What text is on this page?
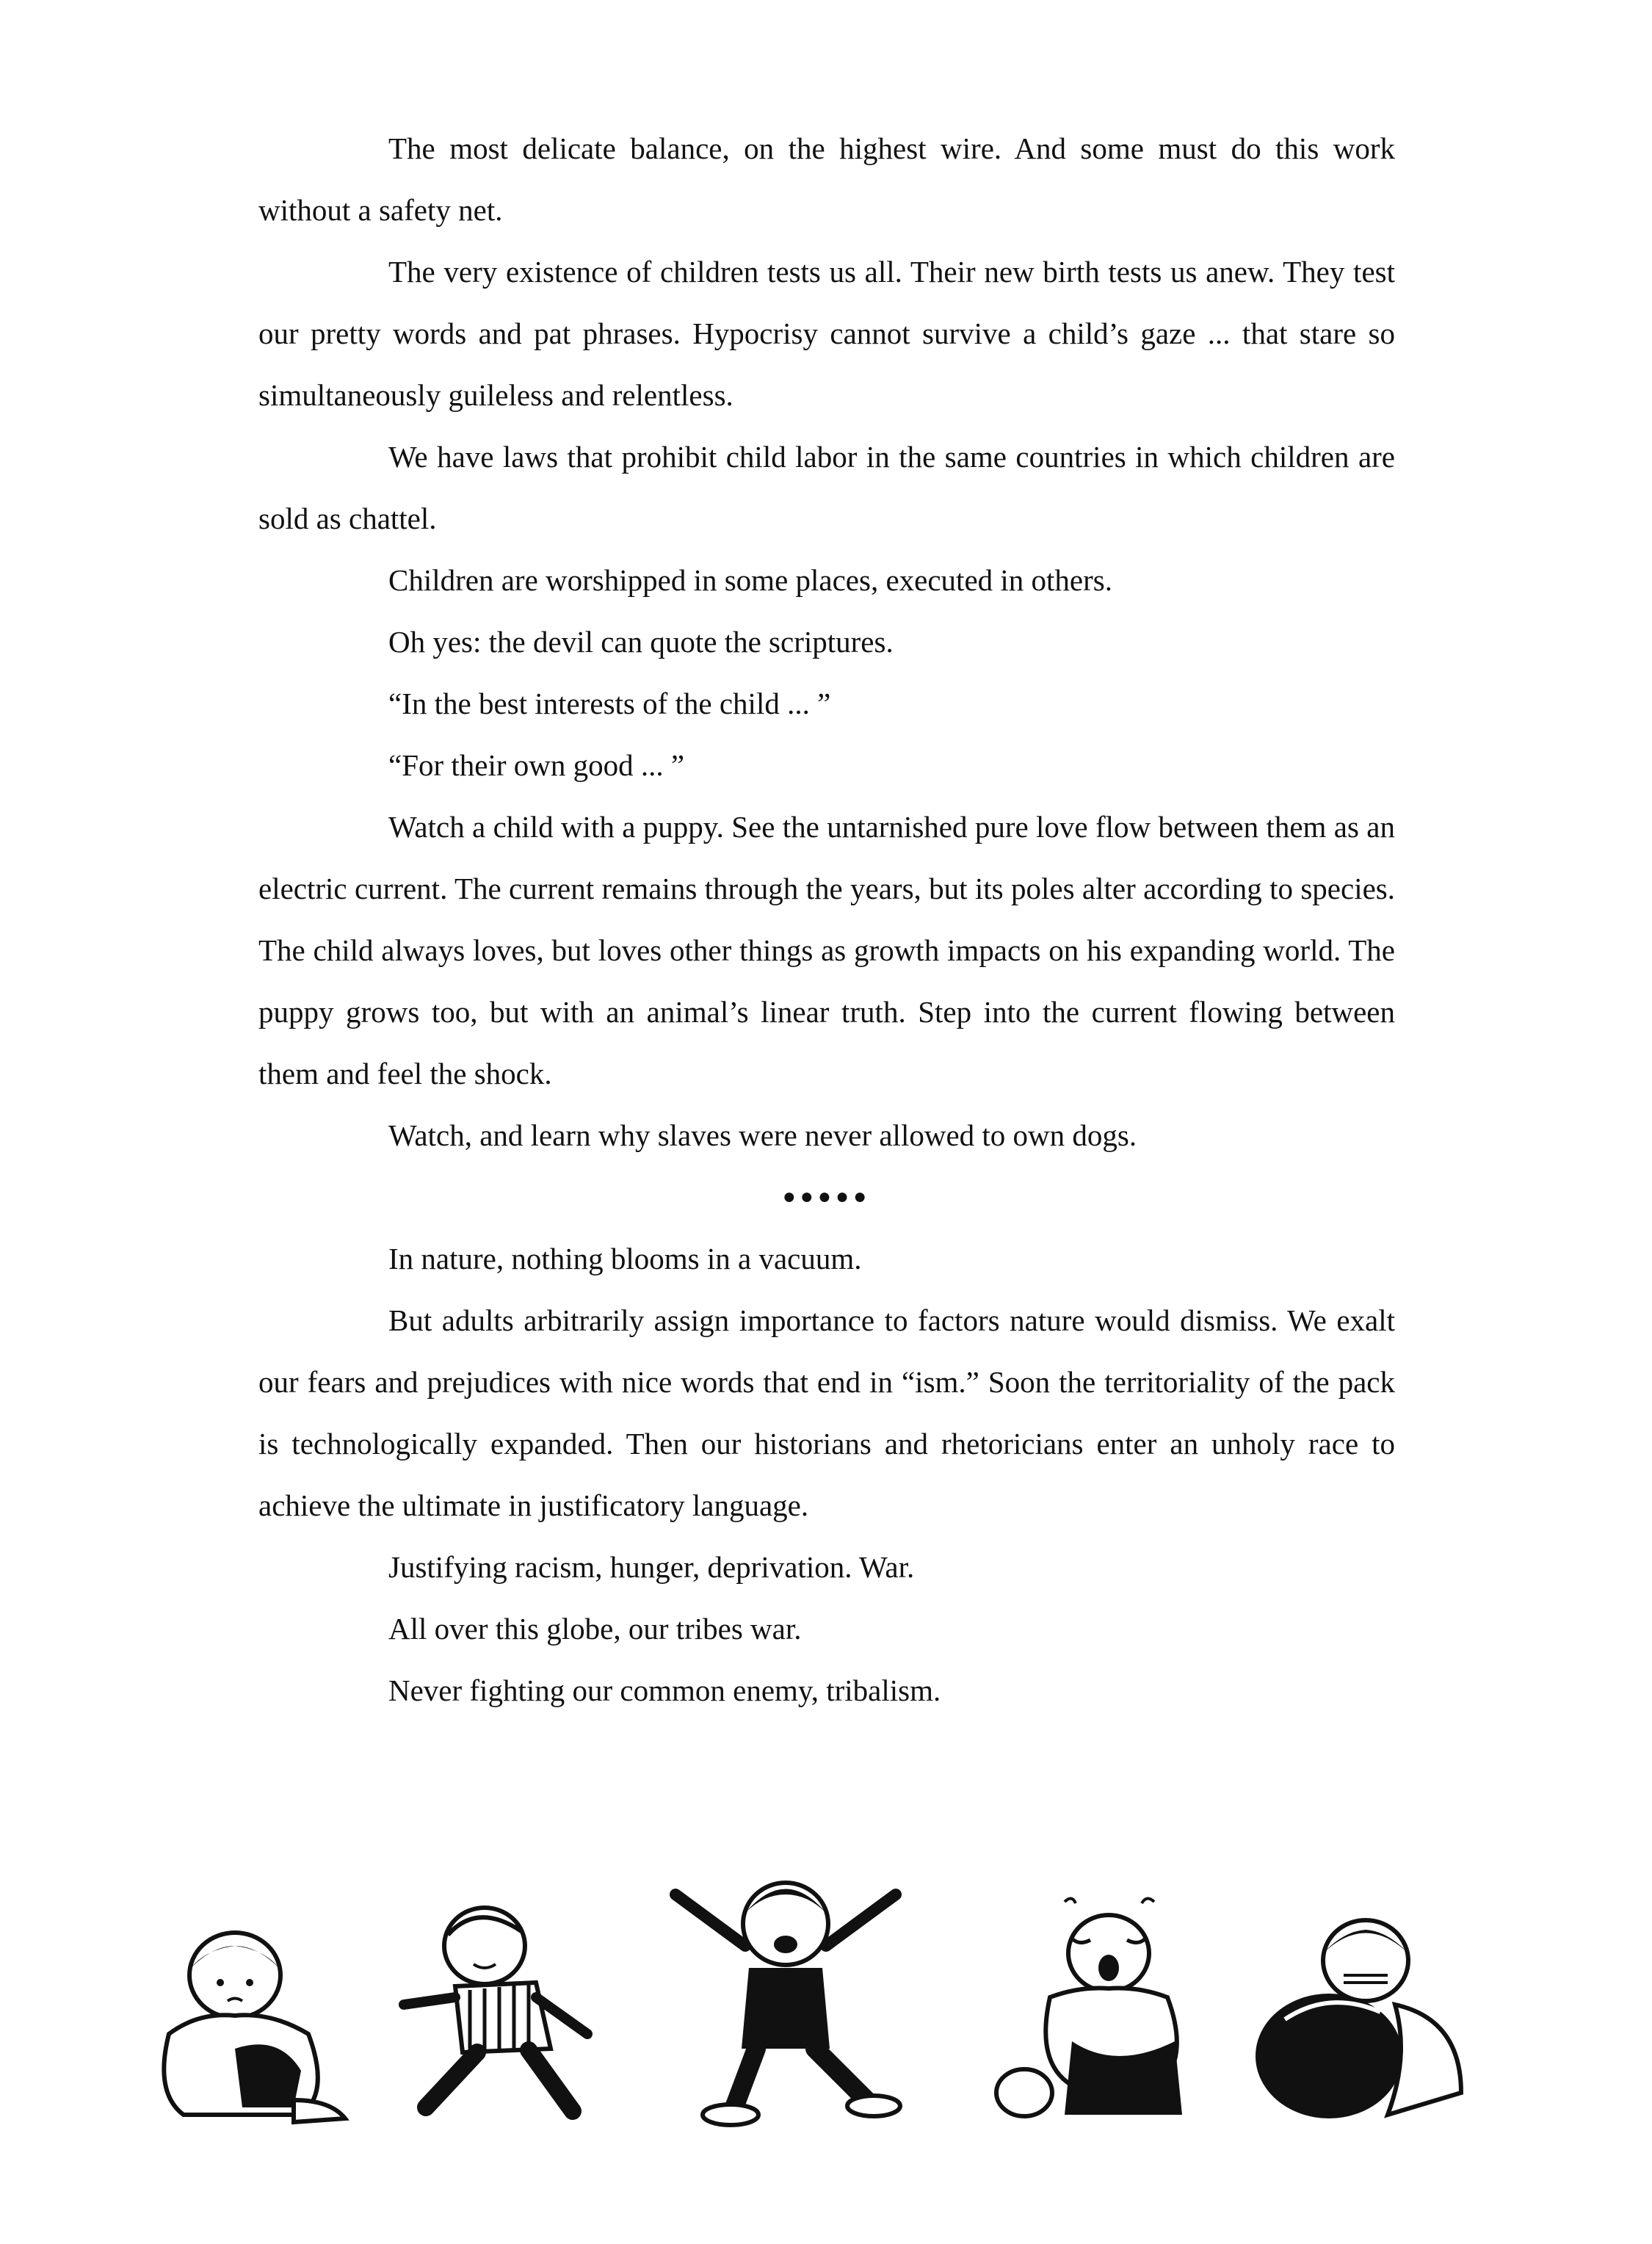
The most delicate balance, on the highest wire. And some must do this work without a safety net.

The very existence of children tests us all. Their new birth tests us anew. They test our pretty words and pat phrases. Hypocrisy cannot survive a child’s gaze ... that stare so simultaneously guileless and relentless.

We have laws that prohibit child labor in the same countries in which children are sold as chattel.

Children are worshipped in some places, executed in others.

Oh yes: the devil can quote the scriptures.

“In the best interests of the child ... ”

“For their own good ... ”

Watch a child with a puppy. See the untarnished pure love flow between them as an electric current. The current remains through the years, but its poles alter according to species. The child always loves, but loves other things as growth impacts on his expanding world. The puppy grows too, but with an animal’s linear truth. Step into the current flowing between them and feel the shock.

Watch, and learn why slaves were never allowed to own dogs.

●●●●●

In nature, nothing blooms in a vacuum.

But adults arbitrarily assign importance to factors nature would dismiss. We exalt our fears and prejudices with nice words that end in “ism.” Soon the territoriality of the pack is technologically expanded. Then our historians and rhetoricians enter an unholy race to achieve the ultimate in justificatory language.

Justifying racism, hunger, deprivation. War.

All over this globe, our tribes war.

Never fighting our common enemy, tribalism.
